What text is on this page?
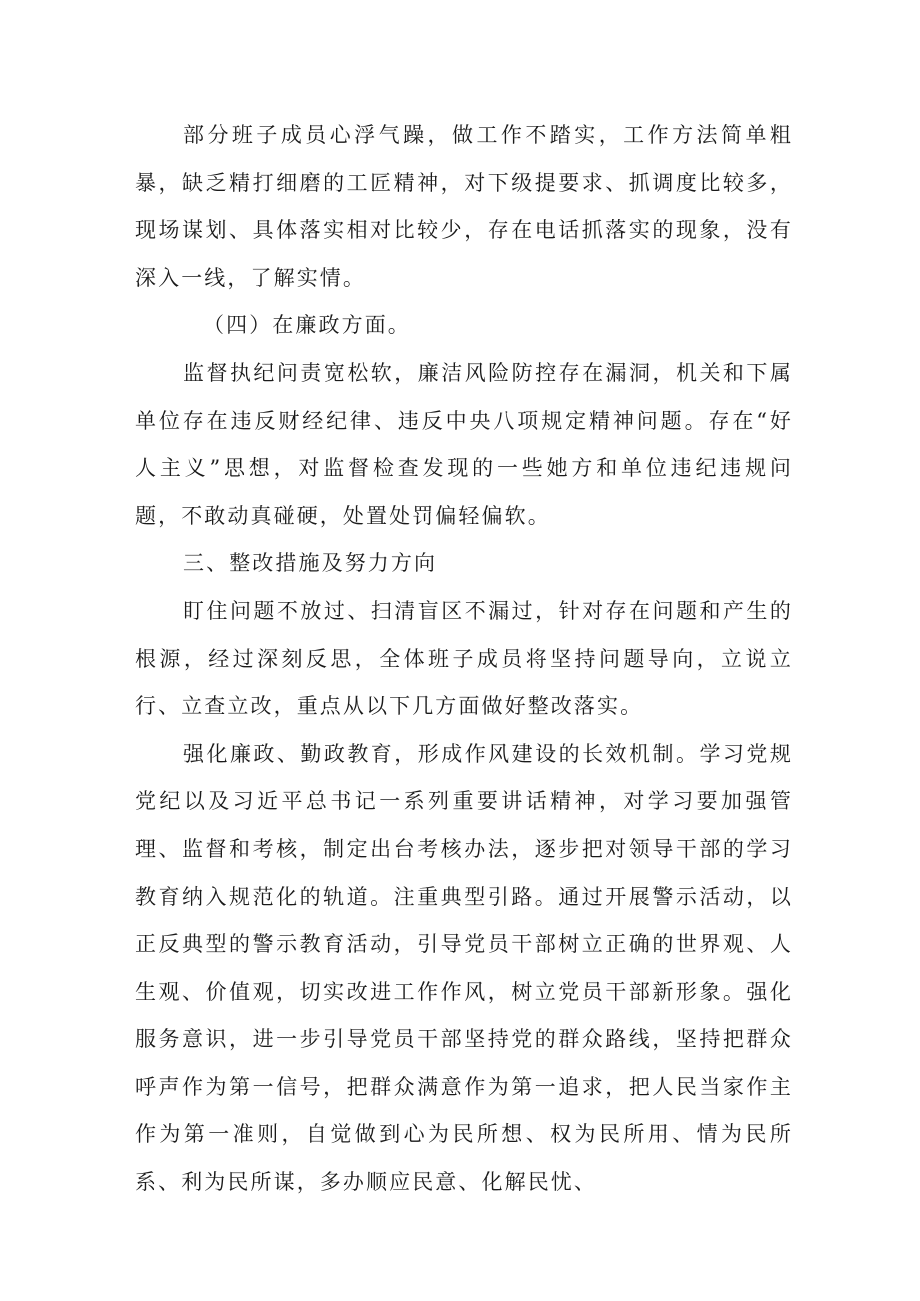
部分班子成员心浮气躁，做工作不踏实，工作方法简单粗暴，缺乏精打细磨的工匠精神，对下级提要求、抓调度比较多，现场谋划、具体落实相对比较少，存在电话抓落实的现象，没有深入一线，了解实情。

（四）在廉政方面。

监督执纪问责宽松软，廉洁风险防控存在漏洞，机关和下属单位存在违反财经纪律、违反中央八项规定精神问题。存在“好人主义”思想，对监督检查发现的一些她方和单位违纪违规问题，不敢动真碰硬，处置处罚偏轻偏软。

三、整改措施及努力方向

盯住问题不放过、扫清盲区不漏过，针对存在问题和产生的根源，经过深刻反思，全体班子成员将坚持问题导向，立说立行、立查立改，重点从以下几方面做好整改落实。

强化廉政、勤政教育，形成作风建设的长效机制。学习党规党纪以及习近平总书记一系列重要讲话精神，对学习要加强管理、监督和考核，制定出台考核办法，逐步把对领导干部的学习教育纳入规范化的轨道。注重典型引路。通过开展警示活动，以正反典型的警示教育活动，引导党员干部树立正确的世界观、人生观、价值观，切实改进工作作风，树立党员干部新形象。强化服务意识，进一步引导党员干部坚持党的群众路线，坚持把群众呼声作为第一信号，把群众满意作为第一追求，把人民当家作主作为第一准则，自觉做到心为民所想、权为民所用、情为民所系、利为民所谋，多办顺应民意、化解民忧、
